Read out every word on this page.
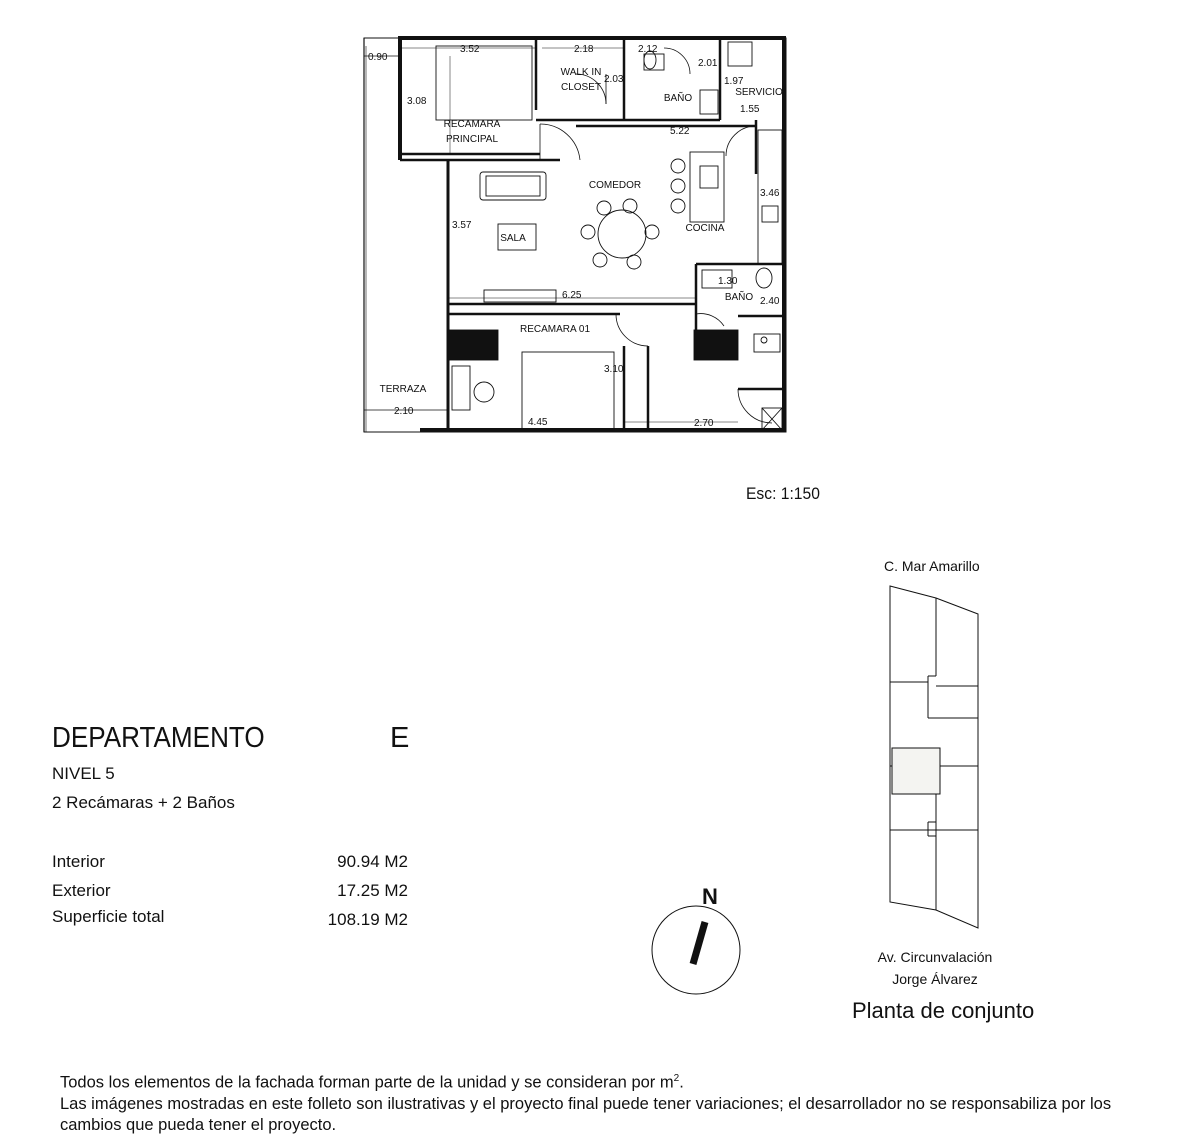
0.90
3.52	2.18	2.12
2.01
2.03	1.97
1.55
3.08
5.22
3.46
3.57
1.30
6.25
2.40
3.10
2.10
4.45	2.70
RECAMARA
PRINCIPAL
WALK IN
CLOSET
BAÑO
SERVICIO
COMEDOR
SALA
COCINA
BAÑO
RECAMARA 01
TERRAZA
Esc: 1:150
C. Mar Amarillo
Av. Circunvalación
Jorge Álvarez
Planta de conjunto
DEPARTAMENTO	E
NIVEL 5
2 Recámaras + 2 Baños
Interior	90.94 M2
Exterior	17.25 M2
Superficie total	108.19 M2
N
Todos los elementos de la fachada forman parte de la unidad y se consideran por $m^2$.
Las imágenes mostradas en este folleto son ilustrativas y el proyecto final puede tener variaciones; el desarrollador no se responsabiliza por los cambios que pueda tener el proyecto.
